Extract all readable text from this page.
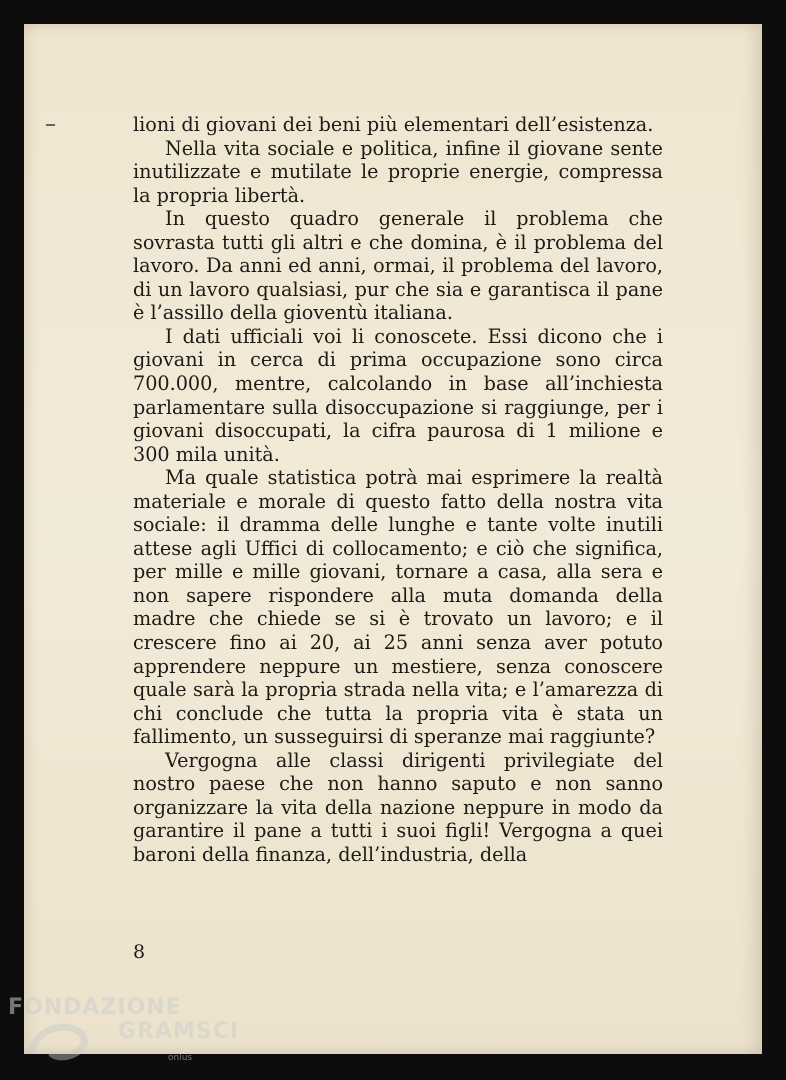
lioni di giovani dei beni più elementari dell’esistenza.

Nella vita sociale e politica, infine il giovane sente inutilizzate e mutilate le proprie energie, compressa la propria libertà.

In questo quadro generale il problema che sovrasta tutti gli altri e che domina, è il problema del lavoro. Da anni ed anni, ormai, il problema del lavoro, di un lavoro qualsiasi, pur che sia e garantisca il pane è l’assillo della gioventù italiana.

I dati ufficiali voi li conoscete. Essi dicono che i giovani in cerca di prima occupazione sono circa 700.000, mentre, calcolando in base all’inchiesta parlamentare sulla disoccupazione si raggiunge, per i giovani disoccupati, la cifra paurosa di 1 milione e 300 mila unità.

Ma quale statistica potrà mai esprimere la realtà materiale e morale di questo fatto della nostra vita sociale: il dramma delle lunghe e tante volte inutili attese agli Uffici di collocamento; e ciò che significa, per mille e mille giovani, tornare a casa, alla sera e non sapere rispondere alla muta domanda della madre che chiede se si è trovato un lavoro; e il crescere fino ai 20, ai 25 anni senza aver potuto apprendere neppure un mestiere, senza conoscere quale sarà la propria strada nella vita; e l’amarezza di chi conclude che tutta la propria vita è stata un fallimento, un susseguirsi di speranze mai raggiunte?

Vergogna alle classi dirigenti privilegiate del nostro paese che non hanno saputo e non sanno organizzare la vita della nazione neppure in modo da garantire il pane a tutti i suoi figli! Vergogna a quei baroni della finanza, dell’industria, della

8
FONDAZIONE
GRAMSCI
onlus
